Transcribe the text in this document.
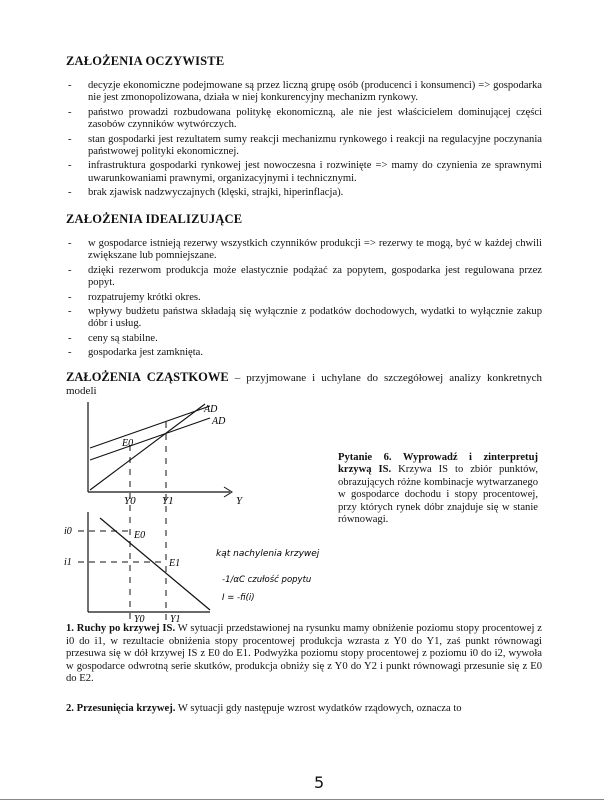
ZAŁOŻENIA OCZYWISTE
- decyzje ekonomiczne podejmowane są przez liczną grupę osób (producenci i konsumenci) => gospodarka nie jest zmonopolizowana, działa w niej konkurencyjny mechanizm rynkowy.
- państwo prowadzi rozbudowana politykę ekonomiczną, ale nie jest właścicielem dominującej części zasobów czynników wytwórczych.
- stan gospodarki jest rezultatem sumy reakcji mechanizmu rynkowego i reakcji na regulacyjne poczynania państwowej polityki ekonomicznej.
- infrastruktura gospodarki rynkowej jest nowoczesna i rozwinięte => mamy do czynienia ze sprawnymi uwarunkowaniami prawnymi, organizacyjnymi i technicznymi.
- brak zjawisk nadzwyczajnych (klęski, strajki, hiperinflacja).
ZAŁOŻENIA IDEALIZUJĄCE
- w gospodarce istnieją rezerwy wszystkich czynników produkcji => rezerwy te mogą, być w każdej chwili zwiększane lub pomniejszane.
- dzięki rezerwom produkcja może elastycznie podążać za popytem, gospodarka jest regulowana przez popyt.
- rozpatrujemy krótki okres.
- wpływy budżetu państwa składają się wyłącznie z podatków dochodowych, wydatki to wyłącznie zakup dóbr i usług.
- ceny są stabilne.
- gospodarka jest zamknięta.
ZAŁOŻENIA CZĄSTKOWE – przyjmowane i uchylane do szczegółowej analizy konkretnych modeli
AD
AD
E0
Y0 Y1	Y
i0
i1
E0
E1
Y0	Y1
kąt nachylenia krzywej
-1/αC czułość popytu
I = -fi(i)
Pytanie 6. Wyprowadź i zinterpretuj krzywą IS. Krzywa IS to zbiór punktów, obrazujących różne kombinacje wytwarzanego w gospodarce dochodu i stopy procentowej, przy których rynek dóbr znajduje się w stanie równowagi.
1. Ruchy po krzywej IS. W sytuacji przedstawionej na rysunku mamy obniżenie poziomu stopy procentowej z i0 do i1, w rezultacie obniżenia stopy procentowej produkcja wzrasta z Y0 do Y1, zaś punkt równowagi przesuwa się w dół krzywej IS z E0 do E1. Podwyżka poziomu stopy procentowej z poziomu i0 do i2, wywoła w gospodarce odwrotną serie skutków, produkcja obniży się z Y0 do Y2 i punkt równowagi przesunie się z E0 do E2.
2. Przesunięcia krzywej. W sytuacji gdy następuje wzrost wydatków rządowych, oznacza to
5
